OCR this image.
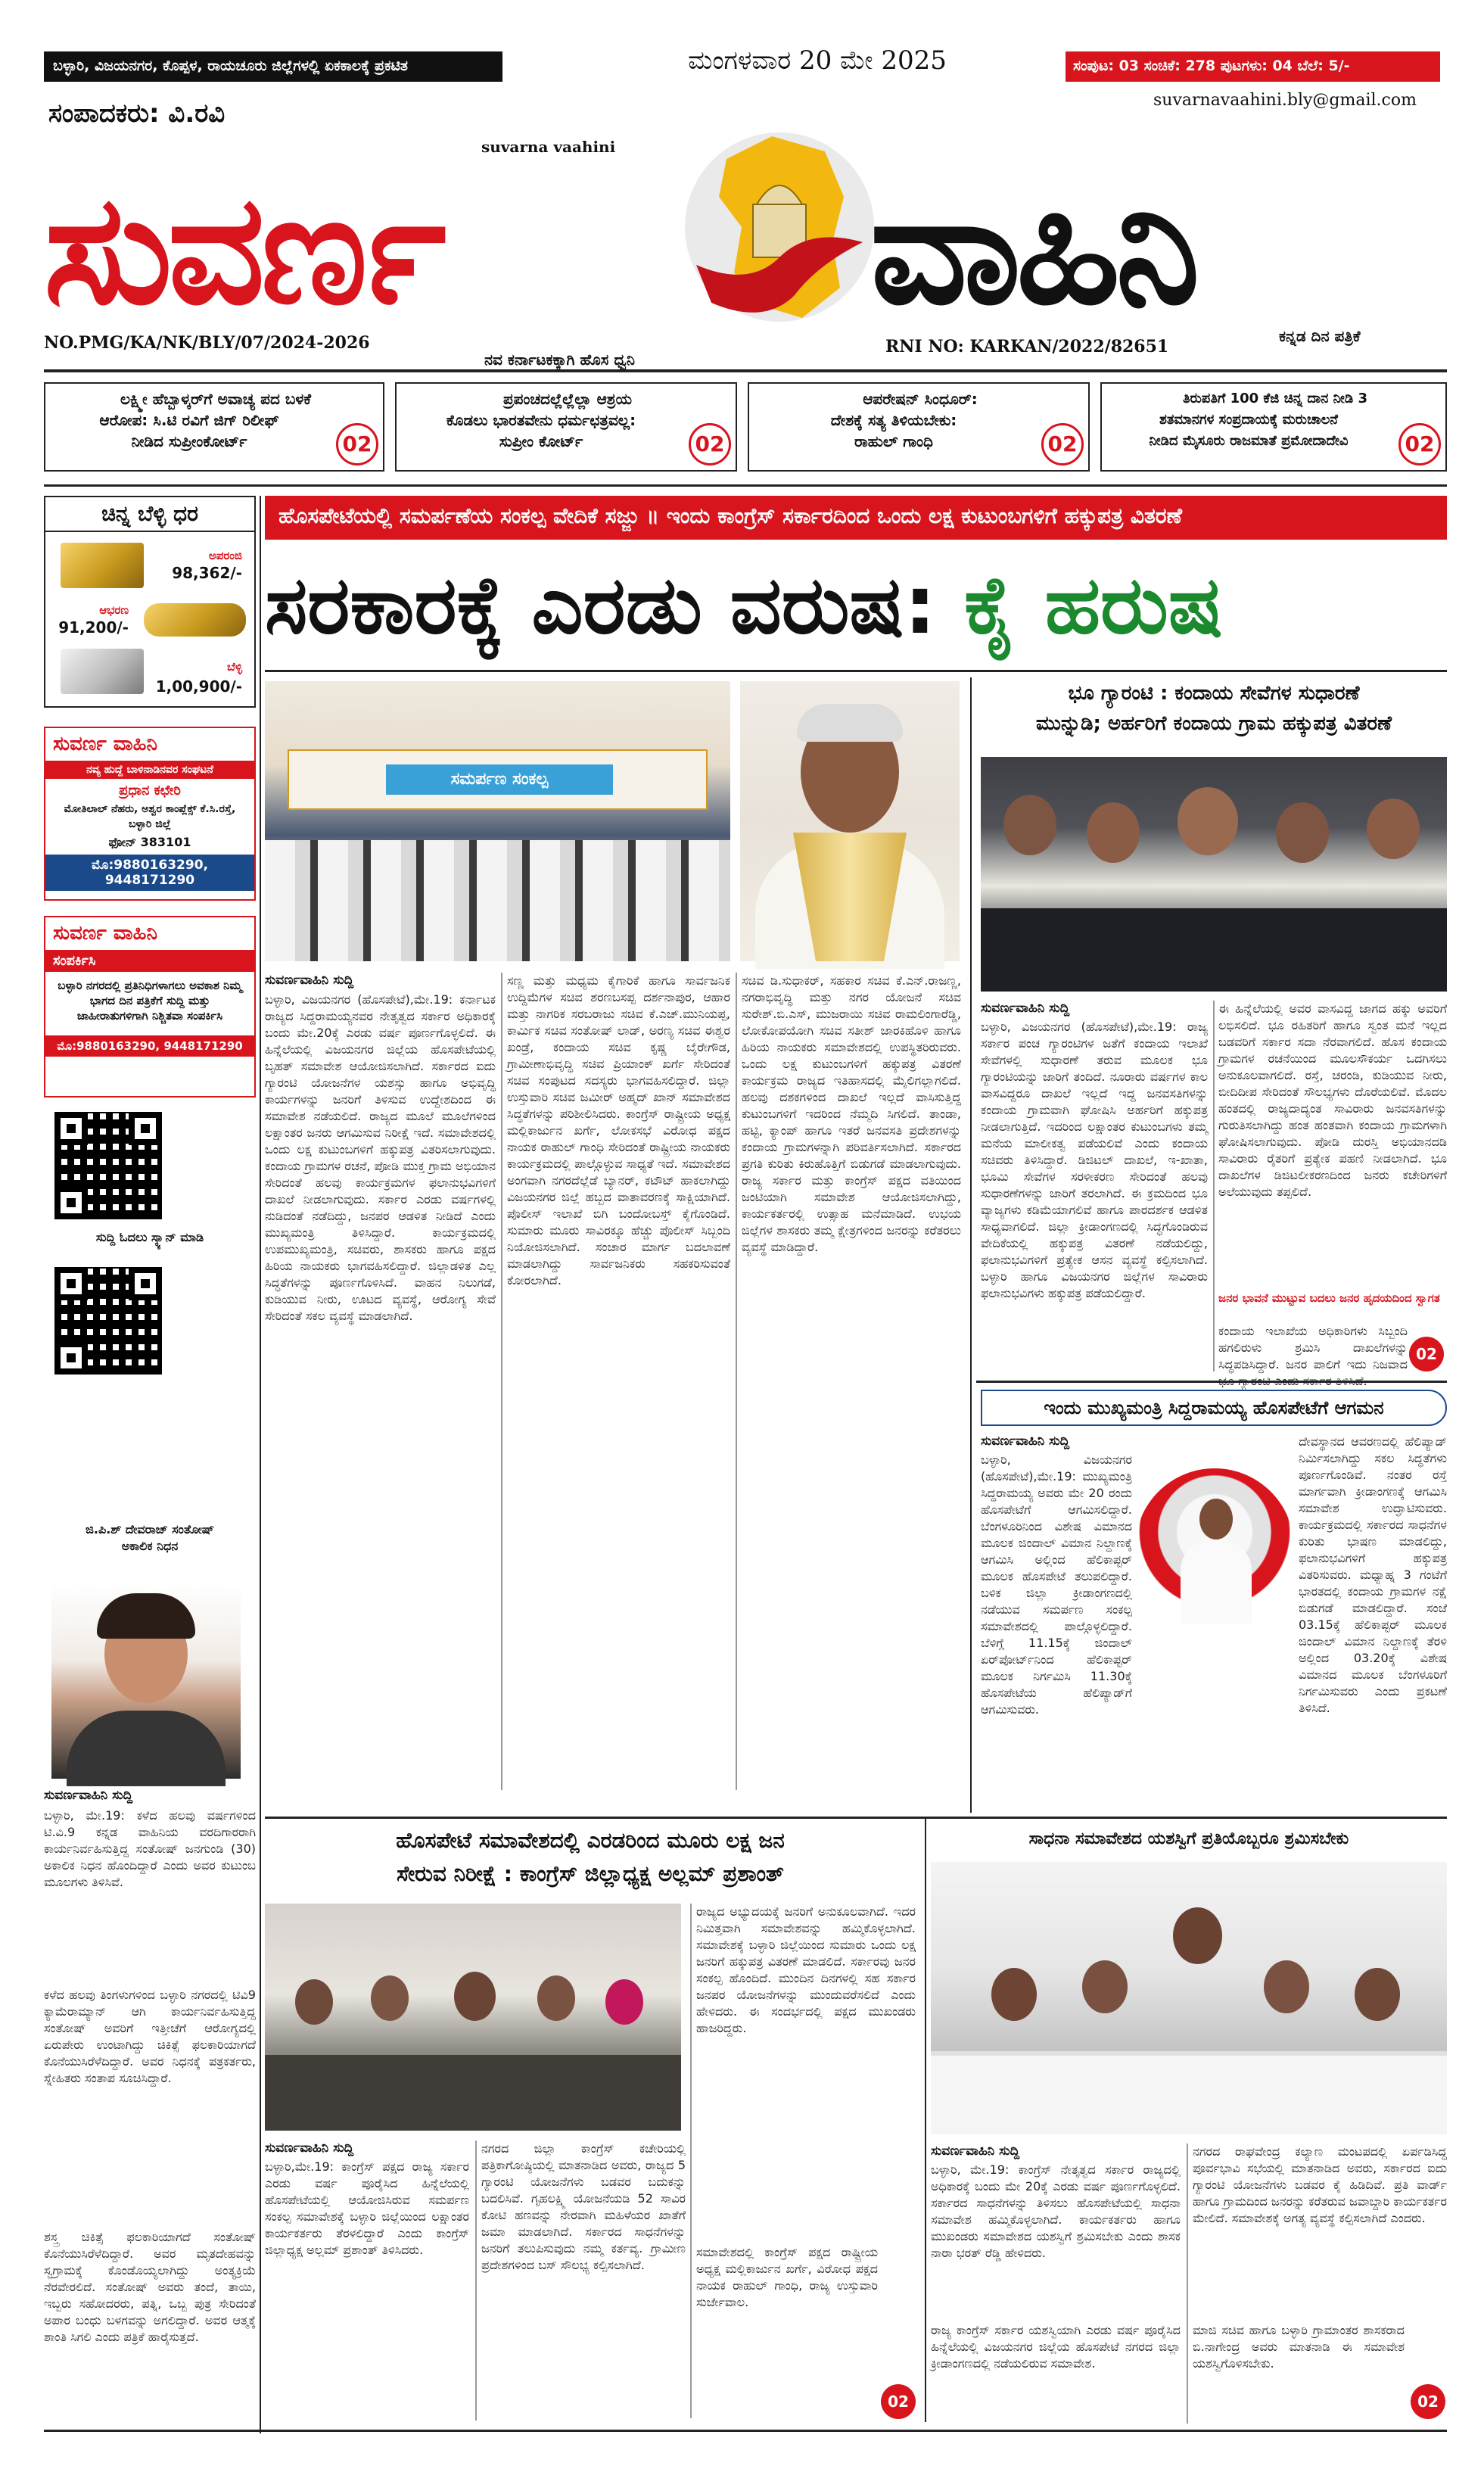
ಬಳ್ಳಾರಿ, ವಿಜಯನಗರ, ಕೊಪ್ಪಳ, ರಾಯಚೂರು ಜಿಲ್ಲೆಗಳಲ್ಲಿ ಏಕಕಾಲಕ್ಕೆ ಪ್ರಕಟಿತ	ಮಂಗಳವಾರ 20 ಮೇ 2025	ಸಂಪುಟ: 03 ಸಂಚಿಕೆ: 278 ಪುಟಗಳು: 04 ಬೆಲೆ: 5/-
ಸಂಪಾದಕರು: ವಿ.ರವಿ	suvarnavaahini.bly@gmail.com
suvarna vaahini
ಸುವರ್ಣ	ವಾಹಿನಿ
NO.PMG/KA/NK/BLY/07/2024-2026
ನವ ಕರ್ನಾಟಕಕ್ಕಾಗಿ ಹೊಸ ಧ್ವನಿ
RNI NO: KARKAN/2022/82651
ಕನ್ನಡ ದಿನ ಪತ್ರಿಕೆ
ಲಕ್ಷ್ಮೀ ಹೆಬ್ಬಾಳ್ಕರ್‌ಗೆ ಅವಾಚ್ಯ ಪದ ಬಳಕೆ
ಆರೋಪ: ಸಿ.ಟಿ ರವಿಗೆ ಜಿಗ್ ರಿಲೀಫ್
ನೀಡಿದ ಸುಪ್ರೀಂಕೋರ್ಟ್	02
ಪ್ರಪಂಚದಲ್ಲೆಲ್ಲೆಲ್ಲಾ ಆಶ್ರಯ
ಕೊಡಲು ಭಾರತವೇನು ಧರ್ಮಛತ್ರವಲ್ಲ:
ಸುಪ್ರೀಂ ಕೋರ್ಟ್	02
ಆಪರೇಷನ್ ಸಿಂಧೂರ್:
ದೇಶಕ್ಕೆ ಸತ್ಯ ತಿಳಿಯಬೇಕು:
ರಾಹುಲ್ ಗಾಂಧಿ	02
ತಿರುಪತಿಗೆ 100 ಕೆಜಿ ಚಿನ್ನ ದಾನ ನೀಡಿ 3
ಶತಮಾನಗಳ ಸಂಪ್ರದಾಯಕ್ಕೆ ಮರುಚಾಲನೆ
ನೀಡಿದ ಮೈಸೂರು ರಾಜಮಾತೆ ಪ್ರಮೋದಾದೇವಿ	02
ಚಿನ್ನ ಬೆಳ್ಳಿ ಧರ
ಅಪರಂಜಿ
98,362/-
ಆಭರಣ
91,200/-
ಬೆಳ್ಳಿ
1,00,900/-
ಸುವರ್ಣ ವಾಹಿನಿ
ನವ್ಯ ಹುದ್ದೆ ಬಾಳಿನಾಡಿನವರ ಸಂಘಟನೆ
ಪ್ರಧಾನ ಕಛೇರಿ
ಮೋತಿಲಾಲ್ ನೆಹರು, ಅಶ್ವರ ಕಾಂಪ್ಲೆಕ್ಸ್ ಕೆ.ಸಿ.ರಸ್ತೆ, ಬಳ್ಳಾರಿ ಜಿಲ್ಲೆ
ಫೋನ್ 383101
ಮೊ:9880163290, 9448171290
ಸುವರ್ಣ ವಾಹಿನಿ
ಸಂಪರ್ಕಿಸಿ
ಬಳ್ಳಾರಿ ನಗರದಲ್ಲಿ ಪ್ರತಿನಿಧಿಗಳಾಗಲು ಅವಕಾಶ ನಿಮ್ಮ ಭಾಗದ ದಿನ ಪತ್ರಿಕೆಗೆ ಸುದ್ದಿ ಮತ್ತು ಜಾಹೀರಾತುಗಳಿಗಾಗಿ ನಿಶ್ಚಿತವಾ ಸಂಪರ್ಕಿಸಿ
ಮೊ:9880163290, 9448171290
ಸುದ್ದಿ ಓದಲು ಸ್ಕ್ಯಾನ್ ಮಾಡಿ
ಜಿ.ಪಿ.ಶ್ ದೇವರಾಜ್ ಸಂತೋಷ್ ಅಕಾಲಿಕ ನಿಧನ
ಸುವರ್ಣವಾಹಿನಿ ಸುದ್ದಿ
ಬಳ್ಳಾರಿ, ಮೇ.19: ಕಳೆದ ಹಲವು ವರ್ಷಗಳಿಂದ ಟಿ.ವಿ.9 ಕನ್ನಡ ವಾಹಿನಿಯ ವರದಿಗಾರರಾಗಿ ಕಾರ್ಯನಿರ್ವಹಿಸುತ್ತಿದ್ದ ಸಂತೋಷ್ ಜನಗುಂಡಿ (30) ಅಕಾಲಿಕ ನಿಧನ ಹೊಂದಿದ್ದಾರೆ ಎಂದು ಅವರ ಕುಟುಂಬ ಮೂಲಗಳು ತಿಳಿಸಿವೆ.
ಕಳೆದ ಹಲವು ತಿಂಗಳುಗಳಿಂದ ಬಳ್ಳಾರಿ ನಗರದಲ್ಲಿ ಟಿವಿ9 ಕ್ಯಾಮೆರಾಮ್ಯಾನ್ ಆಗಿ ಕಾರ್ಯನಿರ್ವಹಿಸುತ್ತಿದ್ದ ಸಂತೋಷ್ ಅವರಿಗೆ ಇತ್ತೀಚೆಗೆ ಆರೋಗ್ಯದಲ್ಲಿ ಏರುಪೇರು ಉಂಟಾಗಿದ್ದು ಚಿಕಿತ್ಸೆ ಫಲಕಾರಿಯಾಗದೆ ಕೊನೆಯುಸಿರೆಳೆದಿದ್ದಾರೆ. ಅವರ ನಿಧನಕ್ಕೆ ಪತ್ರಕರ್ತರು, ಸ್ನೇಹಿತರು ಸಂತಾಪ ಸೂಚಿಸಿದ್ದಾರೆ.
ಶಸ್ತ್ರ ಚಿಕಿತ್ಸೆ ಫಲಕಾರಿಯಾಗದೆ ಸಂತೋಷ್ ಕೊನೆಯುಸಿರೆಳೆದಿದ್ದಾರೆ. ಅವರ ಮೃತದೇಹವನ್ನು ಸ್ವಗ್ರಾಮಕ್ಕೆ ಕೊಂಡೊಯ್ಯಲಾಗಿದ್ದು ಅಂತ್ಯಕ್ರಿಯೆ ನೆರವೇರಲಿದೆ. ಸಂತೋಷ್ ಅವರು ತಂದೆ, ತಾಯಿ, ಇಬ್ಬರು ಸಹೋದರರು, ಪತ್ನಿ, ಒಬ್ಬ ಪುತ್ರ ಸೇರಿದಂತೆ ಅಪಾರ ಬಂಧು ಬಳಗವನ್ನು ಅಗಲಿದ್ದಾರೆ. ಅವರ ಆತ್ಮಕ್ಕೆ ಶಾಂತಿ ಸಿಗಲಿ ಎಂದು ಪತ್ರಿಕೆ ಹಾರೈಸುತ್ತದೆ.
ಹೊಸಪೇಟೆಯಲ್ಲಿ ಸಮರ್ಪಣೆಯ ಸಂಕಲ್ಪ ವೇದಿಕೆ ಸಜ್ಜು ॥ ಇಂದು ಕಾಂಗ್ರೆಸ್ ಸರ್ಕಾರದಿಂದ ಒಂದು ಲಕ್ಷ ಕುಟುಂಬಗಳಿಗೆ ಹಕ್ಕುಪತ್ರ ವಿತರಣೆ
ಸರಕಾರಕ್ಕೆ ಎರಡು ವರುಷ: ಕೈ ಹರುಷ
ಸಮರ್ಪಣ ಸಂಕಲ್ಪ
ಸುವರ್ಣವಾಹಿನಿ ಸುದ್ದಿ
ಬಳ್ಳಾರಿ, ವಿಜಯನಗರ (ಹೊಸಪೇಟೆ),ಮೇ.19: ಕರ್ನಾಟಕ ರಾಜ್ಯದ ಸಿದ್ದರಾಮಯ್ಯನವರ ನೇತೃತ್ವದ ಸರ್ಕಾರ ಅಧಿಕಾರಕ್ಕೆ ಬಂದು ಮೇ.20ಕ್ಕೆ ಎರಡು ವರ್ಷ ಪೂರ್ಣಗೊಳ್ಳಲಿದೆ. ಈ ಹಿನ್ನೆಲೆಯಲ್ಲಿ ವಿಜಯನಗರ ಜಿಲ್ಲೆಯ ಹೊಸಪೇಟೆಯಲ್ಲಿ ಬೃಹತ್ ಸಮಾವೇಶ ಆಯೋಜಿಸಲಾಗಿದೆ. ಸರ್ಕಾರದ ಐದು ಗ್ಯಾರಂಟಿ ಯೋಜನೆಗಳ ಯಶಸ್ಸು ಹಾಗೂ ಅಭಿವೃದ್ಧಿ ಕಾರ್ಯಗಳನ್ನು ಜನರಿಗೆ ತಿಳಿಸುವ ಉದ್ದೇಶದಿಂದ ಈ ಸಮಾವೇಶ ನಡೆಯಲಿದೆ. ರಾಜ್ಯದ ಮೂಲೆ ಮೂಲೆಗಳಿಂದ ಲಕ್ಷಾಂತರ ಜನರು ಆಗಮಿಸುವ ನಿರೀಕ್ಷೆ ಇದೆ. ಸಮಾವೇಶದಲ್ಲಿ ಒಂದು ಲಕ್ಷ ಕುಟುಂಬಗಳಿಗೆ ಹಕ್ಕುಪತ್ರ ವಿತರಿಸಲಾಗುವುದು. ಕಂದಾಯ ಗ್ರಾಮಗಳ ರಚನೆ, ಪೋಡಿ ಮುಕ್ತ ಗ್ರಾಮ ಅಭಿಯಾನ ಸೇರಿದಂತೆ ಹಲವು ಕಾರ್ಯಕ್ರಮಗಳ ಫಲಾನುಭವಿಗಳಿಗೆ ದಾಖಲೆ ನೀಡಲಾಗುವುದು. ಸರ್ಕಾರ ಎರಡು ವರ್ಷಗಳಲ್ಲಿ ನುಡಿದಂತೆ ನಡೆದಿದ್ದು, ಜನಪರ ಆಡಳಿತ ನೀಡಿದೆ ಎಂದು ಮುಖ್ಯಮಂತ್ರಿ ತಿಳಿಸಿದ್ದಾರೆ. ಕಾರ್ಯಕ್ರಮದಲ್ಲಿ ಉಪಮುಖ್ಯಮಂತ್ರಿ, ಸಚಿವರು, ಶಾಸಕರು ಹಾಗೂ ಪಕ್ಷದ ಹಿರಿಯ ನಾಯಕರು ಭಾಗವಹಿಸಲಿದ್ದಾರೆ. ಜಿಲ್ಲಾಡಳಿತ ಎಲ್ಲ ಸಿದ್ಧತೆಗಳನ್ನು ಪೂರ್ಣಗೊಳಿಸಿದೆ. ವಾಹನ ನಿಲುಗಡೆ, ಕುಡಿಯುವ ನೀರು, ಊಟದ ವ್ಯವಸ್ಥೆ, ಆರೋಗ್ಯ ಸೇವೆ ಸೇರಿದಂತೆ ಸಕಲ ವ್ಯವಸ್ಥೆ ಮಾಡಲಾಗಿದೆ.
ಸಣ್ಣ ಮತ್ತು ಮಧ್ಯಮ ಕೈಗಾರಿಕೆ ಹಾಗೂ ಸಾರ್ವಜನಿಕ ಉದ್ದಿಮೆಗಳ ಸಚಿವ ಶರಣಬಸಪ್ಪ ದರ್ಶನಾಪುರ, ಆಹಾರ ಮತ್ತು ನಾಗರಿಕ ಸರಬರಾಜು ಸಚಿವ ಕೆ.ಎಚ್.ಮುನಿಯಪ್ಪ, ಕಾರ್ಮಿಕ ಸಚಿವ ಸಂತೋಷ್ ಲಾಡ್, ಅರಣ್ಯ ಸಚಿವ ಈಶ್ವರ ಖಂಡ್ರೆ, ಕಂದಾಯ ಸಚಿವ ಕೃಷ್ಣ ಬೈರೇಗೌಡ, ಗ್ರಾಮೀಣಾಭಿವೃದ್ಧಿ ಸಚಿವ ಪ್ರಿಯಾಂಕ್ ಖರ್ಗೆ ಸೇರಿದಂತೆ ಸಚಿವ ಸಂಪುಟದ ಸದಸ್ಯರು ಭಾಗವಹಿಸಲಿದ್ದಾರೆ. ಜಿಲ್ಲಾ ಉಸ್ತುವಾರಿ ಸಚಿವ ಜಮೀರ್ ಅಹ್ಮದ್ ಖಾನ್ ಸಮಾವೇಶದ ಸಿದ್ಧತೆಗಳನ್ನು ಪರಿಶೀಲಿಸಿದರು. ಕಾಂಗ್ರೆಸ್ ರಾಷ್ಟ್ರೀಯ ಅಧ್ಯಕ್ಷ ಮಲ್ಲಿಕಾರ್ಜುನ ಖರ್ಗೆ, ಲೋಕಸಭೆ ವಿರೋಧ ಪಕ್ಷದ ನಾಯಕ ರಾಹುಲ್ ಗಾಂಧಿ ಸೇರಿದಂತೆ ರಾಷ್ಟ್ರೀಯ ನಾಯಕರು ಕಾರ್ಯಕ್ರಮದಲ್ಲಿ ಪಾಲ್ಗೊಳ್ಳುವ ಸಾಧ್ಯತೆ ಇದೆ. ಸಮಾವೇಶದ ಅಂಗವಾಗಿ ನಗರದೆಲ್ಲೆಡೆ ಬ್ಯಾನರ್, ಕಟೌಟ್ ಹಾಕಲಾಗಿದ್ದು ವಿಜಯನಗರ ಜಿಲ್ಲೆ ಹಬ್ಬದ ವಾತಾವರಣಕ್ಕೆ ಸಾಕ್ಷಿಯಾಗಿದೆ. ಪೊಲೀಸ್ ಇಲಾಖೆ ಬಿಗಿ ಬಂದೋಬಸ್ತ್ ಕೈಗೊಂಡಿದೆ. ಸುಮಾರು ಮೂರು ಸಾವಿರಕ್ಕೂ ಹೆಚ್ಚು ಪೊಲೀಸ್ ಸಿಬ್ಬಂದಿ ನಿಯೋಜಿಸಲಾಗಿದೆ. ಸಂಚಾರ ಮಾರ್ಗ ಬದಲಾವಣೆ ಮಾಡಲಾಗಿದ್ದು ಸಾರ್ವಜನಿಕರು ಸಹಕರಿಸುವಂತೆ ಕೋರಲಾಗಿದೆ.
ಸಚಿವ ಡಿ.ಸುಧಾಕರ್, ಸಹಕಾರ ಸಚಿವ ಕೆ.ಎನ್.ರಾಜಣ್ಣ, ನಗರಾಭಿವೃದ್ಧಿ ಮತ್ತು ನಗರ ಯೋಜನೆ ಸಚಿವ ಸುರೇಶ್.ಬಿ.ಎಸ್, ಮುಜರಾಯಿ ಸಚಿವ ರಾಮಲಿಂಗಾರೆಡ್ಡಿ, ಲೋಕೋಪಯೋಗಿ ಸಚಿವ ಸತೀಶ್ ಜಾರಕಿಹೊಳಿ ಹಾಗೂ ಹಿರಿಯ ನಾಯಕರು ಸಮಾವೇಶದಲ್ಲಿ ಉಪಸ್ಥಿತರಿರುವರು. ಒಂದು ಲಕ್ಷ ಕುಟುಂಬಗಳಿಗೆ ಹಕ್ಕುಪತ್ರ ವಿತರಣೆ ಕಾರ್ಯಕ್ರಮ ರಾಜ್ಯದ ಇತಿಹಾಸದಲ್ಲಿ ಮೈಲಿಗಲ್ಲಾಗಲಿದೆ. ಹಲವು ದಶಕಗಳಿಂದ ದಾಖಲೆ ಇಲ್ಲದೆ ವಾಸಿಸುತ್ತಿದ್ದ ಕುಟುಂಬಗಳಿಗೆ ಇದರಿಂದ ನೆಮ್ಮದಿ ಸಿಗಲಿದೆ. ತಾಂಡಾ, ಹಟ್ಟಿ, ಕ್ಯಾಂಪ್ ಹಾಗೂ ಇತರೆ ಜನವಸತಿ ಪ್ರದೇಶಗಳನ್ನು ಕಂದಾಯ ಗ್ರಾಮಗಳನ್ನಾಗಿ ಪರಿವರ್ತಿಸಲಾಗಿದೆ. ಸರ್ಕಾರದ ಪ್ರಗತಿ ಕುರಿತು ಕಿರುಹೊತ್ತಿಗೆ ಬಿಡುಗಡೆ ಮಾಡಲಾಗುವುದು. ರಾಜ್ಯ ಸರ್ಕಾರ ಮತ್ತು ಕಾಂಗ್ರೆಸ್ ಪಕ್ಷದ ವತಿಯಿಂದ ಜಂಟಿಯಾಗಿ ಸಮಾವೇಶ ಆಯೋಜಿಸಲಾಗಿದ್ದು, ಕಾರ್ಯಕರ್ತರಲ್ಲಿ ಉತ್ಸಾಹ ಮನೆಮಾಡಿದೆ. ಉಭಯ ಜಿಲ್ಲೆಗಳ ಶಾಸಕರು ತಮ್ಮ ಕ್ಷೇತ್ರಗಳಿಂದ ಜನರನ್ನು ಕರೆತರಲು ವ್ಯವಸ್ಥೆ ಮಾಡಿದ್ದಾರೆ.
ಭೂ ಗ್ಯಾರಂಟಿ : ಕಂದಾಯ ಸೇವೆಗಳ ಸುಧಾರಣೆ
ಮುನ್ನುಡಿ; ಅರ್ಹರಿಗೆ ಕಂದಾಯ ಗ್ರಾಮ ಹಕ್ಕುಪತ್ರ ವಿತರಣೆ
ಸುವರ್ಣವಾಹಿನಿ ಸುದ್ದಿ
ಬಳ್ಳಾರಿ, ವಿಜಯನಗರ (ಹೊಸಪೇಟೆ),ಮೇ.19: ರಾಜ್ಯ ಸರ್ಕಾರ ಪಂಚ ಗ್ಯಾರಂಟಿಗಳ ಜತೆಗೆ ಕಂದಾಯ ಇಲಾಖೆ ಸೇವೆಗಳಲ್ಲಿ ಸುಧಾರಣೆ ತರುವ ಮೂಲಕ ಭೂ ಗ್ಯಾರಂಟಿಯನ್ನು ಜಾರಿಗೆ ತಂದಿದೆ. ನೂರಾರು ವರ್ಷಗಳ ಕಾಲ ವಾಸವಿದ್ದರೂ ದಾಖಲೆ ಇಲ್ಲದೆ ಇದ್ದ ಜನವಸತಿಗಳನ್ನು ಕಂದಾಯ ಗ್ರಾಮವಾಗಿ ಘೋಷಿಸಿ ಅರ್ಹರಿಗೆ ಹಕ್ಕುಪತ್ರ ನೀಡಲಾಗುತ್ತಿದೆ. ಇದರಿಂದ ಲಕ್ಷಾಂತರ ಕುಟುಂಬಗಳು ತಮ್ಮ ಮನೆಯ ಮಾಲೀಕತ್ವ ಪಡೆಯಲಿವೆ ಎಂದು ಕಂದಾಯ ಸಚಿವರು ತಿಳಿಸಿದ್ದಾರೆ. ಡಿಜಿಟಲ್ ದಾಖಲೆ, ಇ-ಖಾತಾ, ಭೂಮಿ ಸೇವೆಗಳ ಸರಳೀಕರಣ ಸೇರಿದಂತೆ ಹಲವು ಸುಧಾರಣೆಗಳನ್ನು ಜಾರಿಗೆ ತರಲಾಗಿದೆ. ಈ ಕ್ರಮದಿಂದ ಭೂ ವ್ಯಾಜ್ಯಗಳು ಕಡಿಮೆಯಾಗಲಿವೆ ಹಾಗೂ ಪಾರದರ್ಶಕ ಆಡಳಿತ ಸಾಧ್ಯವಾಗಲಿದೆ. ಜಿಲ್ಲಾ ಕ್ರೀಡಾಂಗಣದಲ್ಲಿ ಸಿದ್ಧಗೊಂಡಿರುವ ವೇದಿಕೆಯಲ್ಲಿ ಹಕ್ಕುಪತ್ರ ವಿತರಣೆ ನಡೆಯಲಿದ್ದು, ಫಲಾನುಭವಿಗಳಿಗೆ ಪ್ರತ್ಯೇಕ ಆಸನ ವ್ಯವಸ್ಥೆ ಕಲ್ಪಿಸಲಾಗಿದೆ. ಬಳ್ಳಾರಿ ಹಾಗೂ ವಿಜಯನಗರ ಜಿಲ್ಲೆಗಳ ಸಾವಿರಾರು ಫಲಾನುಭವಿಗಳು ಹಕ್ಕುಪತ್ರ ಪಡೆಯಲಿದ್ದಾರೆ.
ಈ ಹಿನ್ನೆಲೆಯಲ್ಲಿ ಅವರ ವಾಸವಿದ್ದ ಜಾಗದ ಹಕ್ಕು ಅವರಿಗೆ ಲಭಿಸಲಿದೆ. ಭೂ ರಹಿತರಿಗೆ ಹಾಗೂ ಸ್ವಂತ ಮನೆ ಇಲ್ಲದ ಬಡವರಿಗೆ ಸರ್ಕಾರ ಸದಾ ನೆರವಾಗಲಿದೆ. ಹೊಸ ಕಂದಾಯ ಗ್ರಾಮಗಳ ರಚನೆಯಿಂದ ಮೂಲಸೌಕರ್ಯ ಒದಗಿಸಲು ಅನುಕೂಲವಾಗಲಿದೆ. ರಸ್ತೆ, ಚರಂಡಿ, ಕುಡಿಯುವ ನೀರು, ಬೀದಿದೀಪ ಸೇರಿದಂತೆ ಸೌಲಭ್ಯಗಳು ದೊರೆಯಲಿವೆ. ಮೊದಲ ಹಂತದಲ್ಲಿ ರಾಜ್ಯದಾದ್ಯಂತ ಸಾವಿರಾರು ಜನವಸತಿಗಳನ್ನು ಗುರುತಿಸಲಾಗಿದ್ದು ಹಂತ ಹಂತವಾಗಿ ಕಂದಾಯ ಗ್ರಾಮಗಳಾಗಿ ಘೋಷಿಸಲಾಗುವುದು. ಪೋಡಿ ದುರಸ್ತಿ ಅಭಿಯಾನದಡಿ ಸಾವಿರಾರು ರೈತರಿಗೆ ಪ್ರತ್ಯೇಕ ಪಹಣಿ ನೀಡಲಾಗಿದೆ. ಭೂ ದಾಖಲೆಗಳ ಡಿಜಿಟಲೀಕರಣದಿಂದ ಜನರು ಕಚೇರಿಗಳಿಗೆ ಅಲೆಯುವುದು ತಪ್ಪಲಿದೆ.
ಜನರ ಭಾವನೆ ಮುಟ್ಟುವ ಬದಲು ಜನರ ಹೃದಯದಿಂದ ಸ್ವಾಗತ
ಕಂದಾಯ ಇಲಾಖೆಯ ಅಧಿಕಾರಿಗಳು ಸಿಬ್ಬಂದಿ ಹಗಲಿರುಳು ಶ್ರಮಿಸಿ ದಾಖಲೆಗಳನ್ನು ಸಿದ್ಧಪಡಿಸಿದ್ದಾರೆ. ಜನರ ಪಾಲಿಗೆ ಇದು ನಿಜವಾದ
02
ಇಂದು ಮುಖ್ಯಮಂತ್ರಿ ಸಿದ್ದರಾಮಯ್ಯ ಹೊಸಪೇಟೆಗೆ ಆಗಮನ
ಸುವರ್ಣವಾಹಿನಿ ಸುದ್ದಿ
ಬಳ್ಳಾರಿ, ವಿಜಯನಗರ (ಹೊಸಪೇಟೆ),ಮೇ.19: ಮುಖ್ಯಮಂತ್ರಿ ಸಿದ್ದರಾಮಯ್ಯ ಅವರು ಮೇ 20 ರಂದು ಹೊಸಪೇಟೆಗೆ ಆಗಮಿಸಲಿದ್ದಾರೆ. ಬೆಂಗಳೂರಿನಿಂದ ವಿಶೇಷ ವಿಮಾನದ ಮೂಲಕ ಜಿಂದಾಲ್ ವಿಮಾನ ನಿಲ್ದಾಣಕ್ಕೆ ಆಗಮಿಸಿ ಅಲ್ಲಿಂದ ಹೆಲಿಕಾಪ್ಟರ್ ಮೂಲಕ ಹೊಸಪೇಟೆ ತಲುಪಲಿದ್ದಾರೆ. ಬಳಿಕ ಜಿಲ್ಲಾ ಕ್ರೀಡಾಂಗಣದಲ್ಲಿ ನಡೆಯುವ ಸಮರ್ಪಣ ಸಂಕಲ್ಪ ಸಮಾವೇಶದಲ್ಲಿ ಪಾಲ್ಗೊಳ್ಳಲಿದ್ದಾರೆ. ಬೆಳಿಗ್ಗೆ 11.15ಕ್ಕೆ ಜಿಂದಾಲ್ ಏರ್‌ಪೋರ್ಟ್‌ನಿಂದ ಹೆಲಿಕಾಪ್ಟರ್ ಮೂಲಕ ನಿರ್ಗಮಿಸಿ 11.30ಕ್ಕೆ ಹೊಸಪೇಟೆಯ ಹೆಲಿಪ್ಯಾಡ್‌ಗೆ ಆಗಮಿಸುವರು.
ದೇವಸ್ಥಾನದ ಆವರಣದಲ್ಲಿ ಹೆಲಿಪ್ಯಾಡ್ ನಿರ್ಮಿಸಲಾಗಿದ್ದು ಸಕಲ ಸಿದ್ಧತೆಗಳು ಪೂರ್ಣಗೊಂಡಿವೆ. ನಂತರ ರಸ್ತೆ ಮಾರ್ಗವಾಗಿ ಕ್ರೀಡಾಂಗಣಕ್ಕೆ ಆಗಮಿಸಿ ಸಮಾವೇಶ ಉದ್ಘಾಟಿಸುವರು. ಕಾರ್ಯಕ್ರಮದಲ್ಲಿ ಸರ್ಕಾರದ ಸಾಧನೆಗಳ ಕುರಿತು ಭಾಷಣ ಮಾಡಲಿದ್ದು, ಫಲಾನುಭವಿಗಳಿಗೆ ಹಕ್ಕುಪತ್ರ ವಿತರಿಸುವರು. ಮಧ್ಯಾಹ್ನ 3 ಗಂಟೆಗೆ ಭಾರತದಲ್ಲಿ ಕಂದಾಯ ಗ್ರಾಮಗಳ ನಕ್ಷೆ ಬಿಡುಗಡೆ ಮಾಡಲಿದ್ದಾರೆ. ಸಂಜೆ 03.15ಕ್ಕೆ ಹೆಲಿಕಾಪ್ಟರ್ ಮೂಲಕ ಜಿಂದಾಲ್ ವಿಮಾನ ನಿಲ್ದಾಣಕ್ಕೆ ತೆರಳಿ ಅಲ್ಲಿಂದ 03.20ಕ್ಕೆ ವಿಶೇಷ ವಿಮಾನದ ಮೂಲಕ ಬೆಂಗಳೂರಿಗೆ ನಿರ್ಗಮಿಸುವರು ಎಂದು ಪ್ರಕಟಣೆ ತಿಳಿಸಿದೆ.
ಹೊಸಪೇಟೆ ಸಮಾವೇಶದಲ್ಲಿ ಎರಡರಿಂದ ಮೂರು ಲಕ್ಷ ಜನ
ಸೇರುವ ನಿರೀಕ್ಷೆ : ಕಾಂಗ್ರೆಸ್ ಜಿಲ್ಲಾಧ್ಯಕ್ಷ ಅಲ್ಲಮ್ ಪ್ರಶಾಂತ್
ಸುವರ್ಣವಾಹಿನಿ ಸುದ್ದಿ
ಬಳ್ಳಾರಿ,ಮೇ.19: ಕಾಂಗ್ರೆಸ್ ಪಕ್ಷದ ರಾಜ್ಯ ಸರ್ಕಾರ ಎರಡು ವರ್ಷ ಪೂರೈಸಿದ ಹಿನ್ನೆಲೆಯಲ್ಲಿ ಹೊಸಪೇಟೆಯಲ್ಲಿ ಆಯೋಜಿಸಿರುವ ಸಮರ್ಪಣ ಸಂಕಲ್ಪ ಸಮಾವೇಶಕ್ಕೆ ಬಳ್ಳಾರಿ ಜಿಲ್ಲೆಯಿಂದ ಲಕ್ಷಾಂತರ ಕಾರ್ಯಕರ್ತರು ತೆರಳಲಿದ್ದಾರೆ ಎಂದು ಕಾಂಗ್ರೆಸ್ ಜಿಲ್ಲಾಧ್ಯಕ್ಷ ಅಲ್ಲಮ್ ಪ್ರಶಾಂತ್ ತಿಳಿಸಿದರು.
ನಗರದ ಜಿಲ್ಲಾ ಕಾಂಗ್ರೆಸ್ ಕಚೇರಿಯಲ್ಲಿ ಪತ್ರಿಕಾಗೋಷ್ಠಿಯಲ್ಲಿ ಮಾತನಾಡಿದ ಅವರು, ರಾಜ್ಯದ 5 ಗ್ಯಾರಂಟಿ ಯೋಜನೆಗಳು ಬಡವರ ಬದುಕನ್ನು ಬದಲಿಸಿವೆ. ಗೃಹಲಕ್ಷ್ಮಿ ಯೋಜನೆಯಡಿ 52 ಸಾವಿರ ಕೋಟಿ ಹಣವನ್ನು ನೇರವಾಗಿ ಮಹಿಳೆಯರ ಖಾತೆಗೆ ಜಮಾ ಮಾಡಲಾಗಿದೆ. ಸರ್ಕಾರದ ಸಾಧನೆಗಳನ್ನು ಜನರಿಗೆ ತಲುಪಿಸುವುದು ನಮ್ಮ ಕರ್ತವ್ಯ. ಗ್ರಾಮೀಣ ಪ್ರದೇಶಗಳಿಂದ ಬಸ್ ಸೌಲಭ್ಯ ಕಲ್ಪಿಸಲಾಗಿದೆ.
ರಾಜ್ಯದ ಅಭ್ಯುದಯಕ್ಕೆ ಜನರಿಗೆ ಅನುಕೂಲವಾಗಿದೆ. ಇದರ ನಿಮಿತ್ತವಾಗಿ ಸಮಾವೇಶವನ್ನು ಹಮ್ಮಿಕೊಳ್ಳಲಾಗಿದೆ. ಸಮಾವೇಶಕ್ಕೆ ಬಳ್ಳಾರಿ ಜಿಲ್ಲೆಯಿಂದ ಸುಮಾರು ಒಂದು ಲಕ್ಷ ಜನರಿಗೆ ಹಕ್ಕುಪತ್ರ ವಿತರಣೆ ಮಾಡಲಿದೆ. ಸರ್ಕಾರವು ಜನರ ಸಂಕಲ್ಪ ಹೊಂದಿದೆ. ಮುಂದಿನ ದಿನಗಳಲ್ಲಿ ಸಹ ಸರ್ಕಾರ ಜನಪರ ಯೋಜನೆಗಳನ್ನು ಮುಂದುವರೆಸಲಿದೆ ಎಂದು ಹೇಳಿದರು. ಈ ಸಂದರ್ಭದಲ್ಲಿ ಪಕ್ಷದ ಮುಖಂಡರು ಹಾಜರಿದ್ದರು.
ಸಮಾವೇಶದಲ್ಲಿ ಕಾಂಗ್ರೆಸ್ ಪಕ್ಷದ ರಾಷ್ಟ್ರೀಯ ಅಧ್ಯಕ್ಷ ಮಲ್ಲಿಕಾರ್ಜುನ ಖರ್ಗೆ, ವಿರೋಧ ಪಕ್ಷದ ನಾಯಕ ರಾಹುಲ್ ಗಾಂಧಿ, ರಾಜ್ಯ ಉಸ್ತುವಾರಿ ಸುರ್ಜೇವಾಲ.
02
ಸಾಧನಾ ಸಮಾವೇಶದ ಯಶಸ್ವಿಗೆ ಪ್ರತಿಯೊಬ್ಬರೂ ಶ್ರಮಿಸಬೇಕು
ಸುವರ್ಣವಾಹಿನಿ ಸುದ್ದಿ
ಬಳ್ಳಾರಿ, ಮೇ.19: ಕಾಂಗ್ರೆಸ್ ನೇತೃತ್ವದ ಸರ್ಕಾರ ರಾಜ್ಯದಲ್ಲಿ ಅಧಿಕಾರಕ್ಕೆ ಬಂದು ಮೇ 20ಕ್ಕೆ ಎರಡು ವರ್ಷ ಪೂರ್ಣಗೊಳ್ಳಲಿದೆ. ಸರ್ಕಾರದ ಸಾಧನೆಗಳನ್ನು ತಿಳಿಸಲು ಹೊಸಪೇಟೆಯಲ್ಲಿ ಸಾಧನಾ ಸಮಾವೇಶ ಹಮ್ಮಿಕೊಳ್ಳಲಾಗಿದೆ. ಕಾರ್ಯಕರ್ತರು ಹಾಗೂ ಮುಖಂಡರು ಸಮಾವೇಶದ ಯಶಸ್ವಿಗೆ ಶ್ರಮಿಸಬೇಕು ಎಂದು ಶಾಸಕ ನಾರಾ ಭರತ್ ರೆಡ್ಡಿ ಹೇಳಿದರು.
ನಗರದ ರಾಘವೇಂದ್ರ ಕಲ್ಯಾಣ ಮಂಟಪದಲ್ಲಿ ಏರ್ಪಡಿಸಿದ್ದ ಪೂರ್ವಭಾವಿ ಸಭೆಯಲ್ಲಿ ಮಾತನಾಡಿದ ಅವರು, ಸರ್ಕಾರದ ಐದು ಗ್ಯಾರಂಟಿ ಯೋಜನೆಗಳು ಬಡವರ ಕೈ ಹಿಡಿದಿವೆ. ಪ್ರತಿ ವಾರ್ಡ್ ಹಾಗೂ ಗ್ರಾಮದಿಂದ ಜನರನ್ನು ಕರೆತರುವ ಜವಾಬ್ದಾರಿ ಕಾರ್ಯಕರ್ತರ ಮೇಲಿದೆ. ಸಮಾವೇಶಕ್ಕೆ ಅಗತ್ಯ ವ್ಯವಸ್ಥೆ ಕಲ್ಪಿಸಲಾಗಿದೆ ಎಂದರು.
ರಾಜ್ಯ ಕಾಂಗ್ರೆಸ್ ಸರ್ಕಾರ ಯಶಸ್ವಿಯಾಗಿ ಎರಡು ವರ್ಷ ಪೂರೈಸಿದ ಹಿನ್ನೆಲೆಯಲ್ಲಿ ವಿಜಯನಗರ ಜಿಲ್ಲೆಯ ಹೊಸಪೇಟೆ ನಗರದ ಜಿಲ್ಲಾ ಕ್ರೀಡಾಂಗಣದಲ್ಲಿ ನಡೆಯಲಿರುವ ಸಮಾವೇಶ.
ಮಾಜಿ ಸಚಿವ ಹಾಗೂ ಬಳ್ಳಾರಿ ಗ್ರಾಮಾಂತರ ಶಾಸಕರಾದ ಬಿ.ನಾಗೇಂದ್ರ ಅವರು ಮಾತನಾಡಿ ಈ ಸಮಾವೇಶ ಯಶಸ್ವಿಗೊಳಿಸಬೇಕು.
02
